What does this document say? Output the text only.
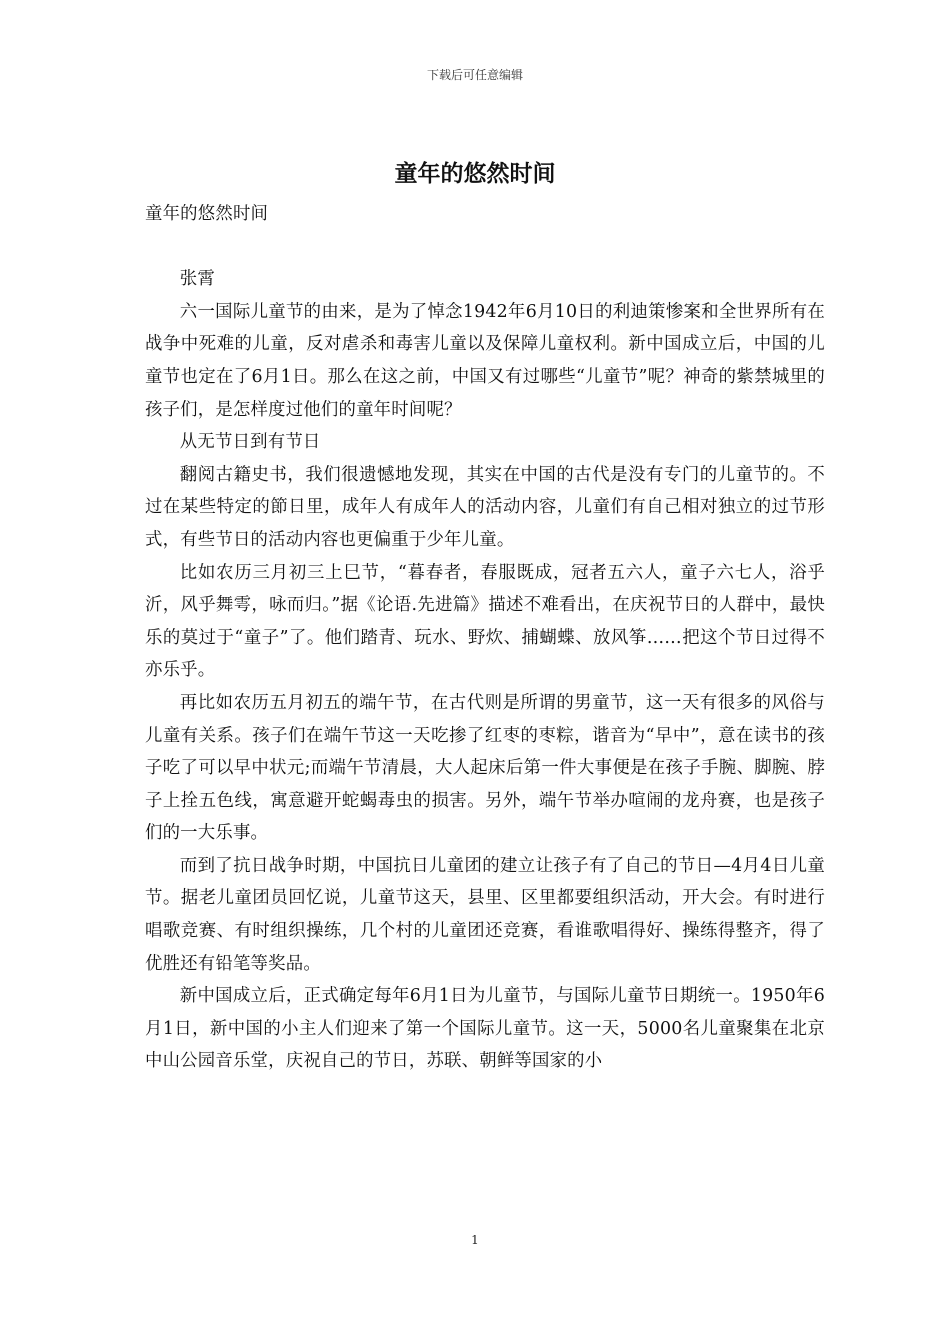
下载后可任意编辑
童年的悠然时间

童年的悠然时间

张霄

六一国际儿童节的由来，是为了悼念1942年6月10日的利迪策惨案和全世界所有在战争中死难的儿童，反对虐杀和毒害儿童以及保障儿童权利。新中国成立后，中国的儿童节也定在了6月1日。那么在这之前，中国又有过哪些“儿童节”呢？神奇的紫禁城里的孩子们，是怎样度过他们的童年时间呢？

从无节日到有节日

翻阅古籍史书，我们很遗憾地发现，其实在中国的古代是没有专门的儿童节的。不过在某些特定的節日里，成年人有成年人的活动内容，儿童们有自己相对独立的过节形式，有些节日的活动内容也更偏重于少年儿童。

比如农历三月初三上巳节，“暮春者，春服既成，冠者五六人，童子六七人，浴乎沂，风乎舞雩，咏而归。”据《论语.先进篇》描述不难看出，在庆祝节日的人群中，最快乐的莫过于“童子”了。他们踏青、玩水、野炊、捕蝴蝶、放风筝……把这个节日过得不亦乐乎。

再比如农历五月初五的端午节，在古代则是所谓的男童节，这一天有很多的风俗与儿童有关系。孩子们在端午节这一天吃掺了红枣的枣粽，谐音为“早中”，意在读书的孩子吃了可以早中状元;而端午节清晨，大人起床后第一件大事便是在孩子手腕、脚腕、脖子上拴五色线，寓意避开蛇蝎毒虫的损害。另外，端午节举办喧闹的龙舟赛，也是孩子们的一大乐事。

而到了抗日战争时期，中国抗日儿童团的建立让孩子有了自己的节日—4月4日儿童节。据老儿童团员回忆说，儿童节这天，县里、区里都要组织活动，开大会。有时进行唱歌竞赛、有时组织操练，几个村的儿童团还竞赛，看谁歌唱得好、操练得整齐，得了优胜还有铅笔等奖品。

新中国成立后，正式确定每年6月1日为儿童节，与国际儿童节日期统一。1950年6月1日，新中国的小主人们迎来了第一个国际儿童节。这一天，5000名儿童聚集在北京中山公园音乐堂，庆祝自己的节日，苏联、朝鲜等国家的小

1
